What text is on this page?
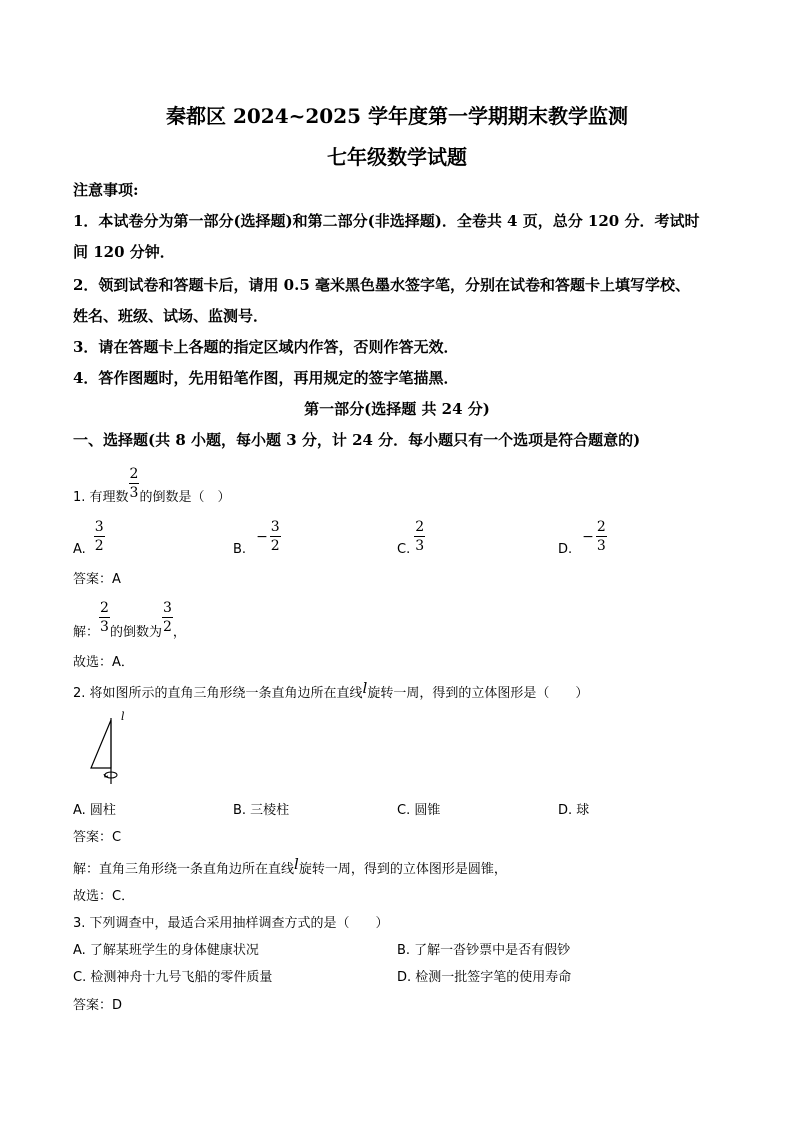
秦都区 2024~2025 学年度第一学期期末教学监测
七年级数学试题
注意事项:
1．本试卷分为第一部分(选择题)和第二部分(非选择题)．全卷共 4 页，总分 120 分．考试时
间 120 分钟．
2．领到试卷和答题卡后，请用 0.5 毫米黑色墨水签字笔，分别在试卷和答题卡上填写学校、
姓名、班级、试场、监测号．
3．请在答题卡上各题的指定区域内作答，否则作答无效．
4．答作图题时，先用铅笔作图，再用规定的签字笔描黑．
第一部分(选择题 共 24 分)
一、选择题(共 8 小题，每小题 3 分，计 24 分．每小题只有一个选项是符合题意的)
1. 有理数 $\frac{2}{3}$ 的倒数是（　）
A. $\frac{3}{2}$	$B.- \frac{3}{2}$	C. $\frac{2}{3}$	$D.- \frac{2}{3}$
答案：A
解： $\frac{2}{3}$ 的倒数为 $\frac{3}{2}$ ，
故选：A．
2. 将如图所示的直角三角形绕一条直角边所在直线l旋转一周，得到的立体图形是（　　）
l
A. 圆柱	B. 三棱柱	C. 圆锥	D. 球
答案：C
解：直角三角形绕一条直角边所在直线l旋转一周，得到的立体图形是圆锥，
故选：C．
3. 下列调查中，最适合采用抽样调查方式的是（　　）
A. 了解某班学生的身体健康状况	B. 了解一沓钞票中是否有假钞
C. 检测神舟十九号飞船的零件质量	D. 检测一批签字笔的使用寿命
答案：D
